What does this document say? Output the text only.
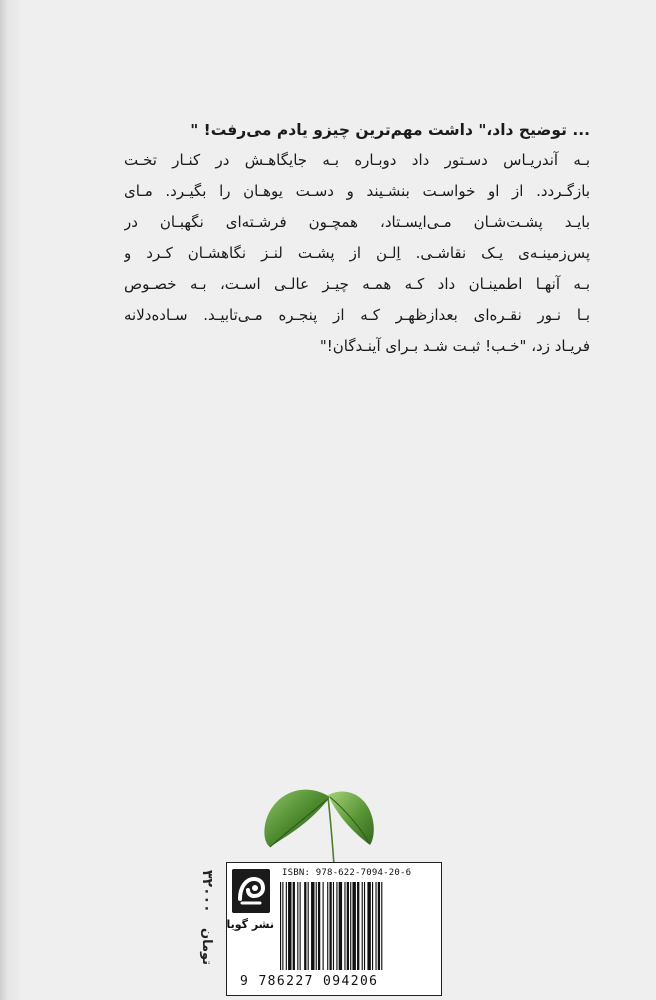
... توضیح داد،" داشت مهم‌ترین چیزو یادم می‌رفت! "
بـه آندریـاس دسـتور داد دوبـاره بـه جایگاهـش در کنـار تخـت
بازگـردد. از او خواسـت بنشـیند و دسـت یوهـان را بگیـرد. مـای
بایـد پشـت‌شـان مـی‌ایسـتاد، همچـون فرشـته‌ای نگهبـان در
پس‌زمینـه‌ی یـک نقاشـی. اِلـن از پشـت لنـز نگاهشـان کـرد و
بـه آنهـا اطمینـان داد کـه همـه چیـز عالـی اسـت، بـه خصـوص
بـا نـور نقـره‌ای بعدازظهـر کـه از پنجـره مـی‌تابیـد. سـاده‌دلانه
فریـاد زد، "خـب! ثبـت شـد بـرای آینـدگان!"
۳۲۰۰۰
تومان
نشر گویا
ISBN: 978-622-7094-20-6
9 786227 094206
